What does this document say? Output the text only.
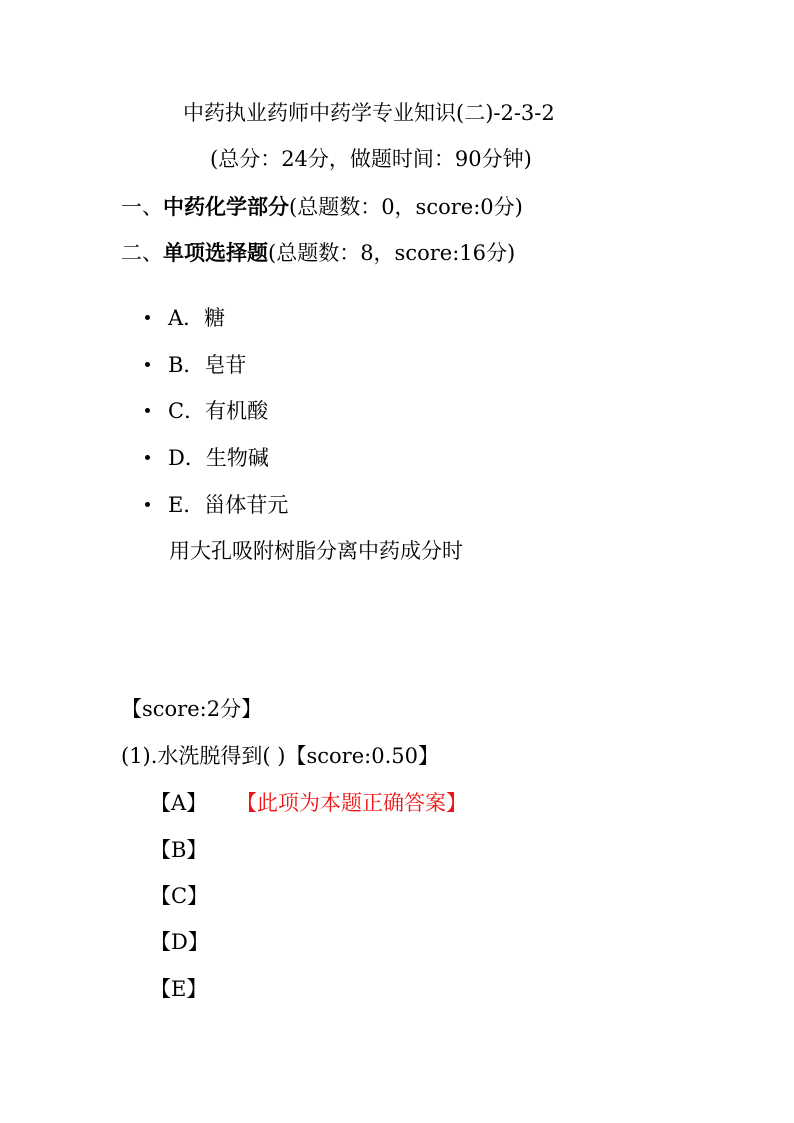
中药执业药师中药学专业知识(二)-2-3-2
(总分：24分，做题时间：90分钟)
一、中药化学部分(总题数：0，score:0分)
二、单项选择题(总题数：8，score:16分)
A．糖
B．皂苷
C．有机酸
D．生物碱
E．甾体苷元
用大孔吸附树脂分离中药成分时
【score:2分】
(1).水洗脱得到( )【score:0.50】
【A】 【此项为本题正确答案】
【B】
【C】
【D】
【E】
